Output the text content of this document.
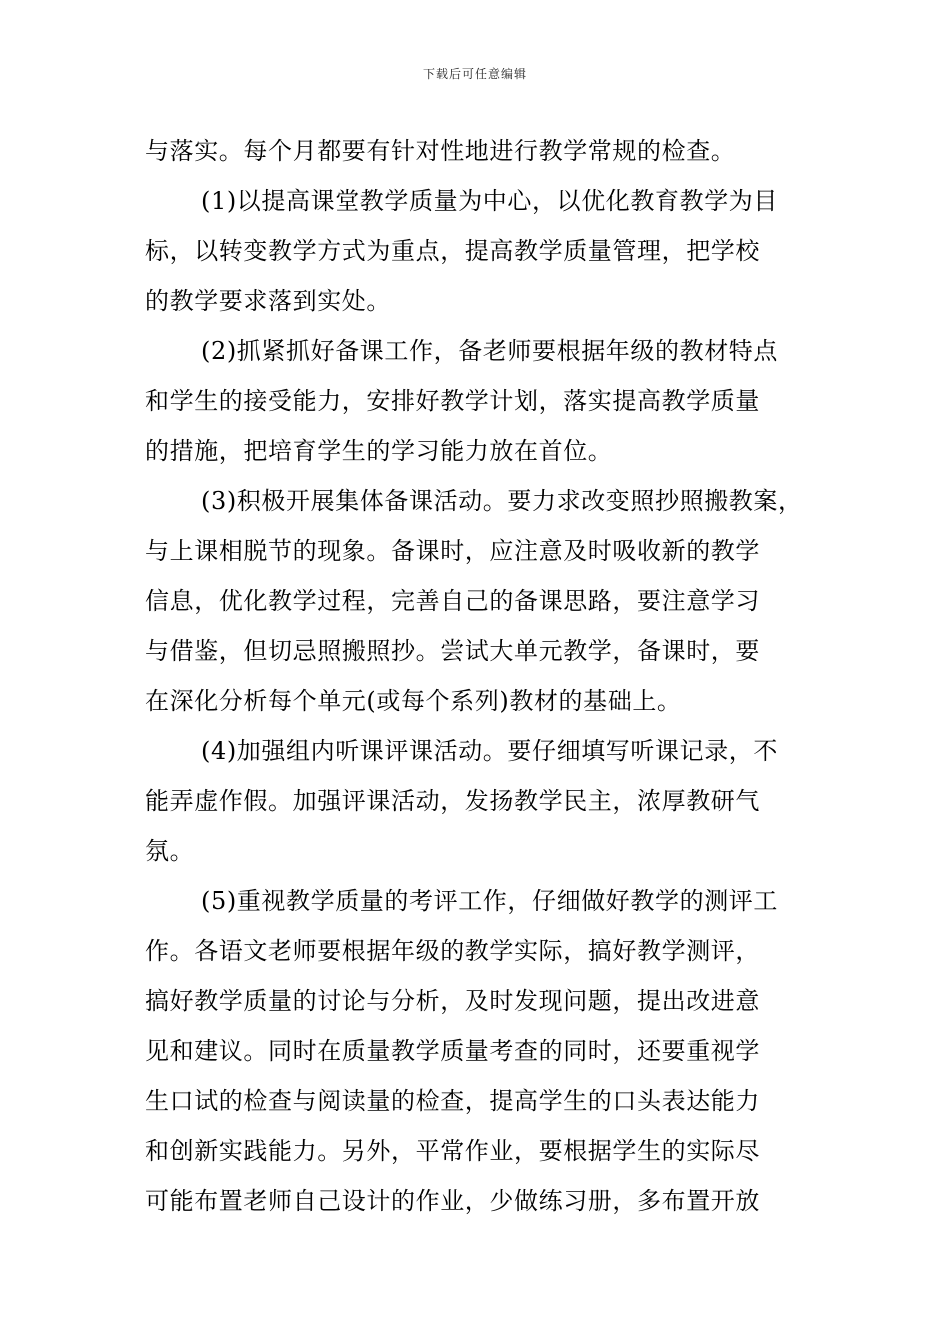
下载后可任意编辑
与落实。每个月都要有针对性地进行教学常规的检查。
(1)以提高课堂教学质量为中心，以优化教育教学为目
标，以转变教学方式为重点，提高教学质量管理，把学校
的教学要求落到实处。
(2)抓紧抓好备课工作，备老师要根据年级的教材特点
和学生的接受能力，安排好教学计划，落实提高教学质量
的措施，把培育学生的学习能力放在首位。
(3)积极开展集体备课活动。要力求改变照抄照搬教案，
与上课相脱节的现象。备课时，应注意及时吸收新的教学
信息，优化教学过程，完善自己的备课思路，要注意学习
与借鉴，但切忌照搬照抄。尝试大单元教学，备课时，要
在深化分析每个单元(或每个系列)教材的基础上。
(4)加强组内听课评课活动。要仔细填写听课记录，不
能弄虚作假。加强评课活动，发扬教学民主，浓厚教研气
氛。
(5)重视教学质量的考评工作，仔细做好教学的测评工
作。各语文老师要根据年级的教学实际，搞好教学测评，
搞好教学质量的讨论与分析，及时发现问题，提出改进意
见和建议。同时在质量教学质量考查的同时，还要重视学
生口试的检查与阅读量的检查，提高学生的口头表达能力
和创新实践能力。另外，平常作业，要根据学生的实际尽
可能布置老师自己设计的作业，少做练习册，多布置开放
